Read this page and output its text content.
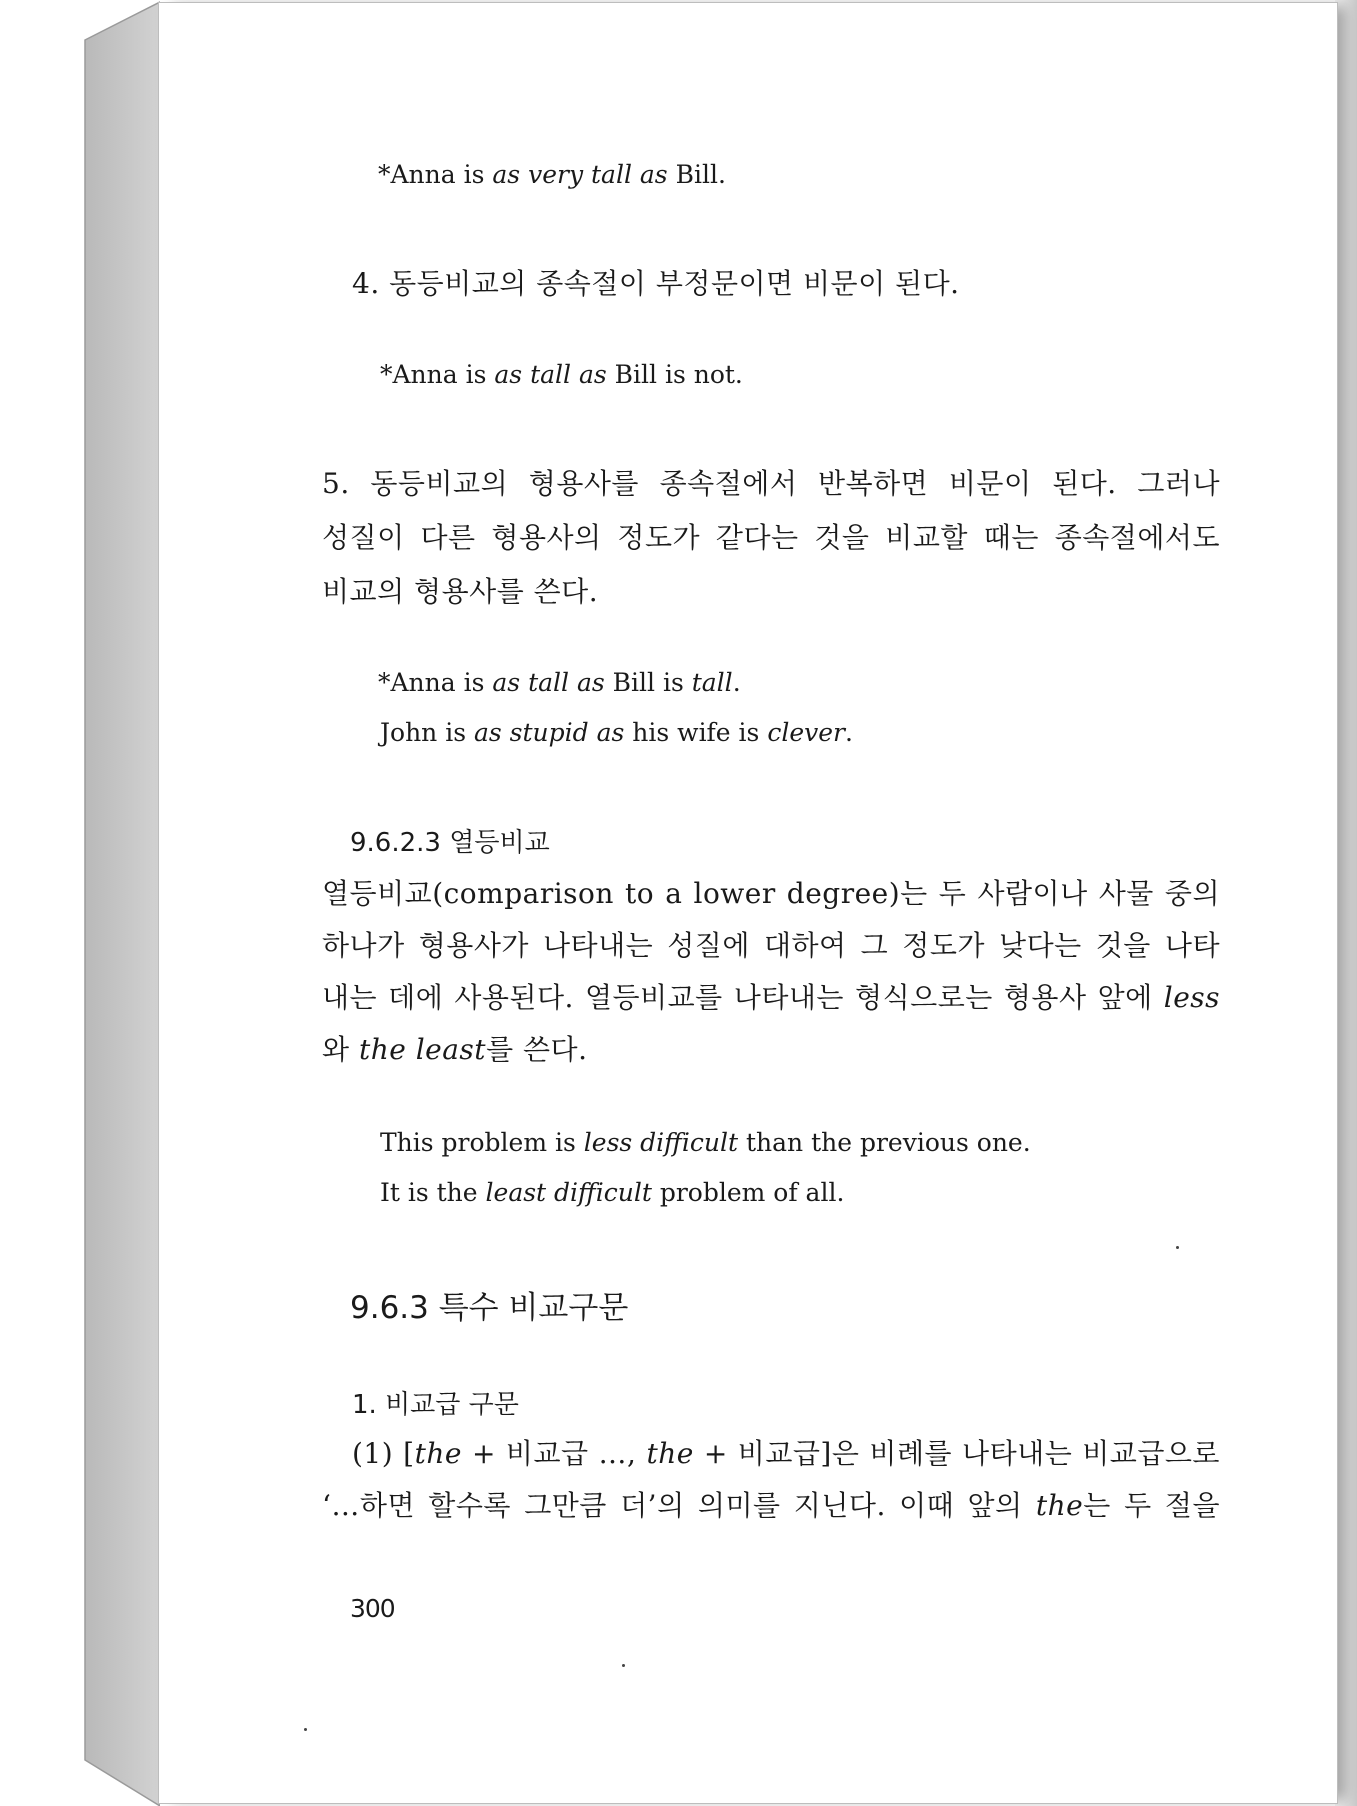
*Anna is as very tall as Bill.
4. 동등비교의 종속절이 부정문이면 비문이 된다.
*Anna is as tall as Bill is not.
5. 동등비교의 형용사를 종속절에서 반복하면 비문이 된다. 그러나
성질이 다른 형용사의 정도가 같다는 것을 비교할 때는 종속절에서도
비교의 형용사를 쓴다.
*Anna is as tall as Bill is tall.
John is as stupid as his wife is clever.
9.6.2.3 열등비교
열등비교(comparison to a lower degree)는 두 사람이나 사물 중의
하나가 형용사가 나타내는 성질에 대하여 그 정도가 낮다는 것을 나타
내는 데에 사용된다. 열등비교를 나타내는 형식으로는 형용사 앞에 less
와 the least를 쓴다.
This problem is less difficult than the previous one.
It is the least difficult problem of all.
9.6.3 특수 비교구문
1. 비교급 구문
(1) [the + 비교급 …, the + 비교급]은 비례를 나타내는 비교급으로
‘…하면 할수록 그만큼 더’의 의미를 지닌다. 이때 앞의 the는 두 절을
300
